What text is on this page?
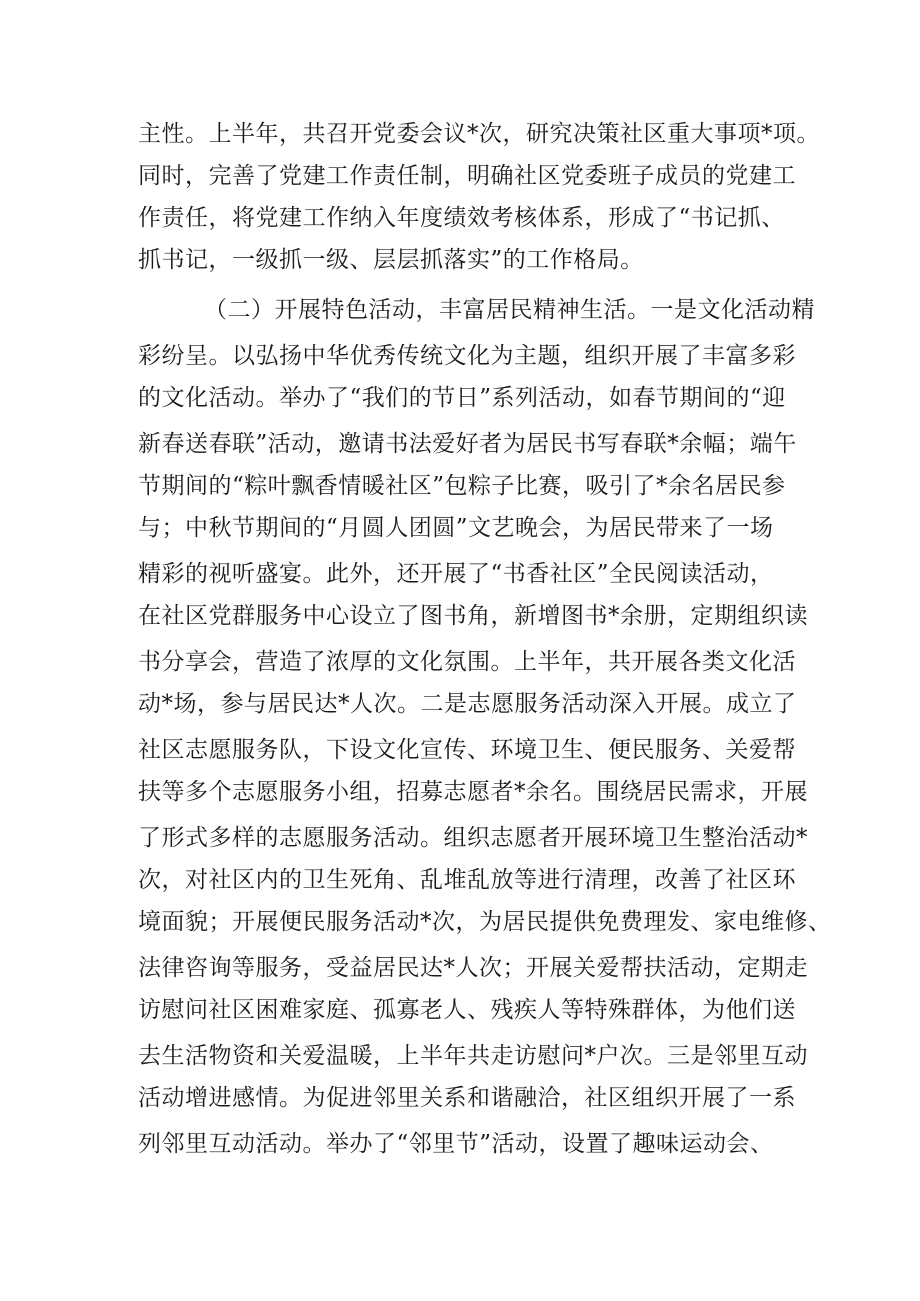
主性。上半年，共召开党委会议*次，研究决策社区重大事项*项。
同时，完善了党建工作责任制，明确社区党委班子成员的党建工
作责任，将党建工作纳入年度绩效考核体系，形成了“书记抓、
抓书记，一级抓一级、层层抓落实”的工作格局。
（二）开展特色活动，丰富居民精神生活。一是文化活动精
彩纷呈。以弘扬中华优秀传统文化为主题，组织开展了丰富多彩
的文化活动。举办了“我们的节日”系列活动，如春节期间的“迎
新春送春联”活动，邀请书法爱好者为居民书写春联*余幅；端午
节期间的“粽叶飘香情暖社区”包粽子比赛，吸引了*余名居民参
与；中秋节期间的“月圆人团圆”文艺晚会，为居民带来了一场
精彩的视听盛宴。此外，还开展了“书香社区”全民阅读活动，
在社区党群服务中心设立了图书角，新增图书*余册，定期组织读
书分享会，营造了浓厚的文化氛围。上半年，共开展各类文化活
动*场，参与居民达*人次。二是志愿服务活动深入开展。成立了
社区志愿服务队，下设文化宣传、环境卫生、便民服务、关爱帮
扶等多个志愿服务小组，招募志愿者*余名。围绕居民需求，开展
了形式多样的志愿服务活动。组织志愿者开展环境卫生整治活动*
次，对社区内的卫生死角、乱堆乱放等进行清理，改善了社区环
境面貌；开展便民服务活动*次，为居民提供免费理发、家电维修、
法律咨询等服务，受益居民达*人次；开展关爱帮扶活动，定期走
访慰问社区困难家庭、孤寡老人、残疾人等特殊群体，为他们送
去生活物资和关爱温暖，上半年共走访慰问*户次。三是邻里互动
活动增进感情。为促进邻里关系和谐融洽，社区组织开展了一系
列邻里互动活动。举办了“邻里节”活动，设置了趣味运动会、
